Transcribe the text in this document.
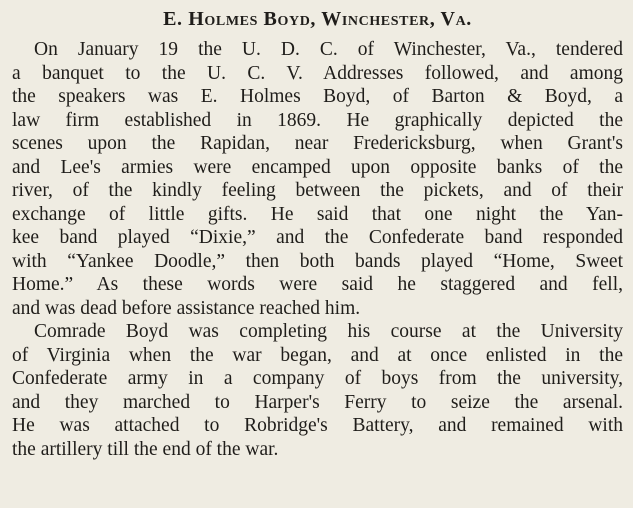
E. Holmes Boyd, Winchester, Va.
On January 19 the U. D. C. of Winchester, Va., tendered
a banquet to the U. C. V. Addresses followed, and among
the speakers was E. Holmes Boyd, of Barton & Boyd, a
law firm established in 1869. He graphically depicted the
scenes upon the Rapidan, near Fredericksburg, when Grant's
and Lee's armies were encamped upon opposite banks of the
river, of the kindly feeling between the pickets, and of their
exchange of little gifts. He said that one night the Yan-
kee band played “Dixie,” and the Confederate band responded
with “Yankee Doodle,” then both bands played “Home, Sweet
Home.” As these words were said he staggered and fell,
and was dead before assistance reached him.
Comrade Boyd was completing his course at the University
of Virginia when the war began, and at once enlisted in the
Confederate army in a company of boys from the university,
and they marched to Harper's Ferry to seize the arsenal.
He was attached to Robridge's Battery, and remained with
the artillery till the end of the war.
